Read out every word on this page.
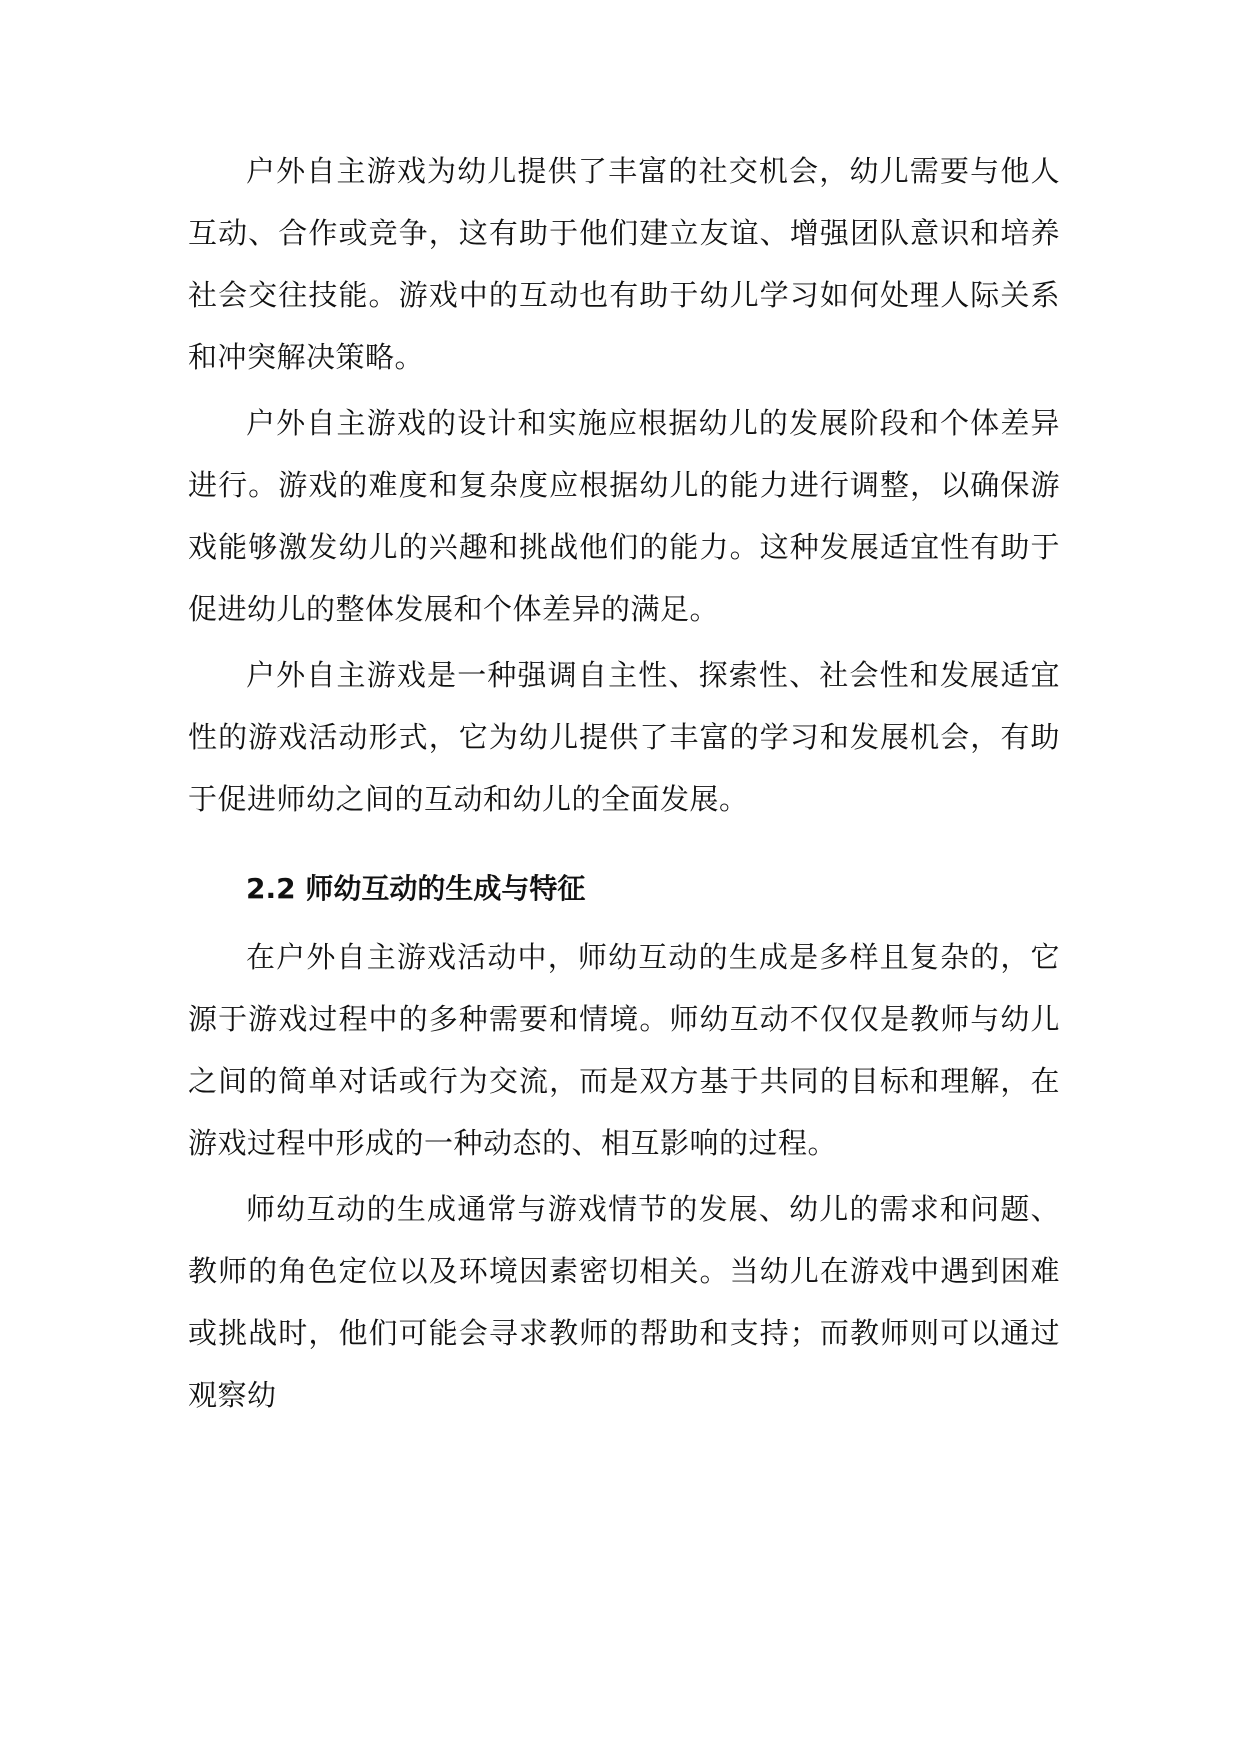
户外自主游戏为幼儿提供了丰富的社交机会，幼儿需要与他人互动、合作或竞争，这有助于他们建立友谊、增强团队意识和培养社会交往技能。游戏中的互动也有助于幼儿学习如何处理人际关系和冲突解决策略。

户外自主游戏的设计和实施应根据幼儿的发展阶段和个体差异进行。游戏的难度和复杂度应根据幼儿的能力进行调整，以确保游戏能够激发幼儿的兴趣和挑战他们的能力。这种发展适宜性有助于促进幼儿的整体发展和个体差异的满足。

户外自主游戏是一种强调自主性、探索性、社会性和发展适宜性的游戏活动形式，它为幼儿提供了丰富的学习和发展机会，有助于促进师幼之间的互动和幼儿的全面发展。

2.2 师幼互动的生成与特征

在户外自主游戏活动中，师幼互动的生成是多样且复杂的，它源于游戏过程中的多种需要和情境。师幼互动不仅仅是教师与幼儿之间的简单对话或行为交流，而是双方基于共同的目标和理解，在游戏过程中形成的一种动态的、相互影响的过程。

师幼互动的生成通常与游戏情节的发展、幼儿的需求和问题、教师的角色定位以及环境因素密切相关。当幼儿在游戏中遇到困难或挑战时，他们可能会寻求教师的帮助和支持；而教师则可以通过观察幼
